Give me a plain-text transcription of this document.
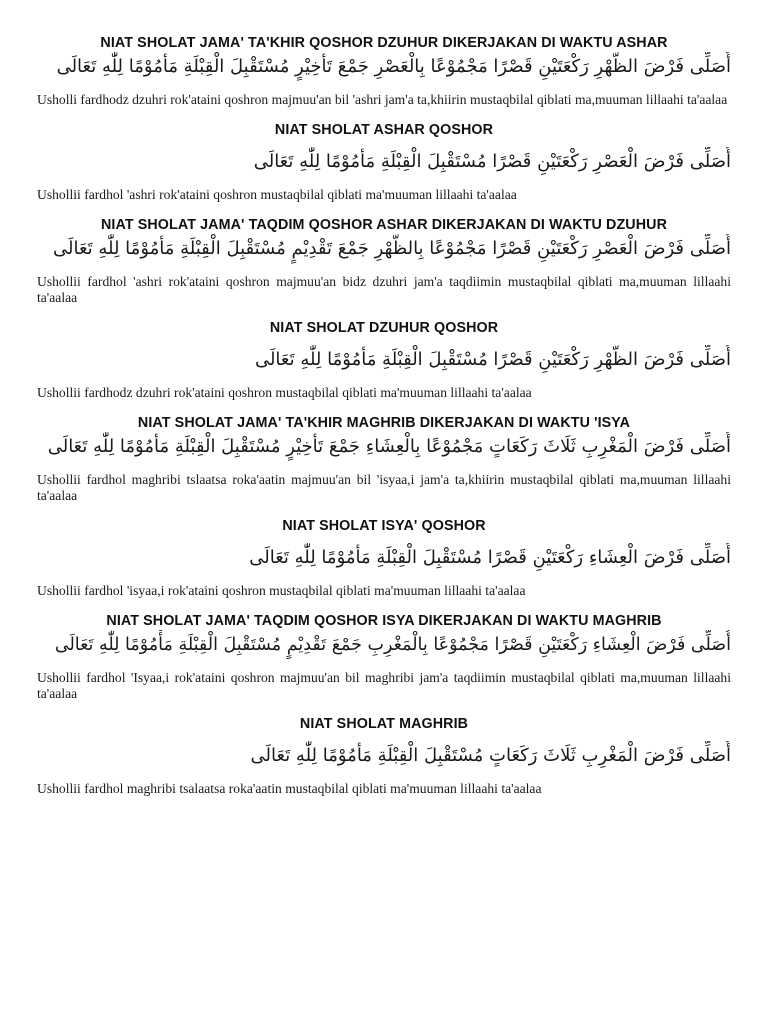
NIAT SHOLAT JAMA' TA'KHIR QOSHOR DZUHUR DIKERJAKAN DI WAKTU ASHAR

أُصَلِّى فَرْضَ الظُّهْرِ رَكْعَتَيْنِ قَصْرًا مَجْمُوْعًا بِالْعَصْرِ جَمْعَ تَأْخِيْرٍ مُسْتَقْبِلَ الْقِبْلَةِ مَأْمُوْمًا لِلّٰهِ تَعَالَى

Usholli fardhodz dzuhri rok'ataini qoshron majmuu'an bil 'ashri jam'a ta,khiirin mustaqbilal qiblati ma,muuman lillaahi ta'aalaa

NIAT SHOLAT ASHAR QOSHOR

أُصَلِّى فَرْضَ الْعَصْرِ رَكْعَتَيْنِ قَصْرًا مُسْتَقْبِلَ الْقِبْلَةِ مَأْمُوْمًا لِلّٰهِ تَعَالَى

Ushollii fardhol 'ashri rok'ataini qoshron mustaqbilal qiblati ma'muuman lillaahi ta'aalaa

NIAT SHOLAT JAMA' TAQDIM QOSHOR ASHAR DIKERJAKAN DI WAKTU DZUHUR

أُصَلِّى فَرْضَ الْعَصْرِ رَكْعَتَيْنِ قَصْرًا مَجْمُوْعًا بِالظُّهْرِ جَمْعَ تَقْدِيْمٍ مُسْتَقْبِلَ الْقِبْلَةِ مَأْمُوْمًا لِلّٰهِ تَعَالَى

Ushollii fardhol 'ashri rok'ataini qoshron majmuu'an bidz dzuhri jam'a taqdiimin mustaqbilal qiblati ma,muuman lillaahi ta'aalaa

NIAT SHOLAT DZUHUR QOSHOR

أُصَلِّى فَرْضَ الظُّهْرِ رَكْعَتَيْنِ قَصْرًا مُسْتَقْبِلَ الْقِبْلَةِ مَأْمُوْمًا لِلّٰهِ تَعَالَى

Ushollii fardhodz dzuhri rok'ataini qoshron mustaqbilal qiblati ma'muuman lillaahi ta'aalaa

NIAT SHOLAT JAMA' TA'KHIR MAGHRIB DIKERJAKAN DI WAKTU 'ISYA

أُصَلِّى فَرْضَ الْمَغْرِبِ ثَلَاثَ رَكَعَاتٍ مَجْمُوْعًا بِالْعِشَاءِ جَمْعَ تَأْخِيْرٍ مُسْتَقْبِلَ الْقِبْلَةِ مَأْمُوْمًا لِلّٰهِ تَعَالَى

Ushollii fardhol maghribi tslaatsa roka'aatin majmuu'an bil 'isyaa,i jam'a ta,khiirin mustaqbilal qiblati ma,muuman lillaahi ta'aalaa

NIAT SHOLAT ISYA' QOSHOR

أُصَلِّى فَرْضَ الْعِشَاءِ رَكْعَتَيْنِ قَصْرًا مُسْتَقْبِلَ الْقِبْلَةِ مَأْمُوْمًا لِلّٰهِ تَعَالَى

Ushollii fardhol 'isyaa,i rok'ataini qoshron mustaqbilal qiblati ma'muuman lillaahi ta'aalaa

NIAT SHOLAT JAMA' TAQDIM QOSHOR ISYA DIKERJAKAN DI WAKTU MAGHRIB

أُصَلِّى فَرْضَ الْعِشَاءِ رَكْعَتَيْنِ قَصْرًا مَجْمُوْعًا بِالْمَغْرِبِ جَمْعَ تَقْدِيْمٍ مُسْتَقْبِلَ الْقِبْلَةِ مَأْمُوْمًا لِلّٰهِ تَعَالَى

Ushollii fardhol 'Isyaa,i rok'ataini qoshron majmuu'an bil maghribi jam'a taqdiimin mustaqbilal qiblati ma,muuman lillaahi ta'aalaa

NIAT SHOLAT MAGHRIB

أُصَلِّى فَرْضَ الْمَغْرِبِ ثَلَاثَ رَكَعَاتٍ مُسْتَقْبِلَ الْقِبْلَةِ مَأْمُوْمًا لِلّٰهِ تَعَالَى

Ushollii fardhol maghribi tsalaatsa roka'aatin mustaqbilal qiblati ma'muuman lillaahi ta'aalaa
